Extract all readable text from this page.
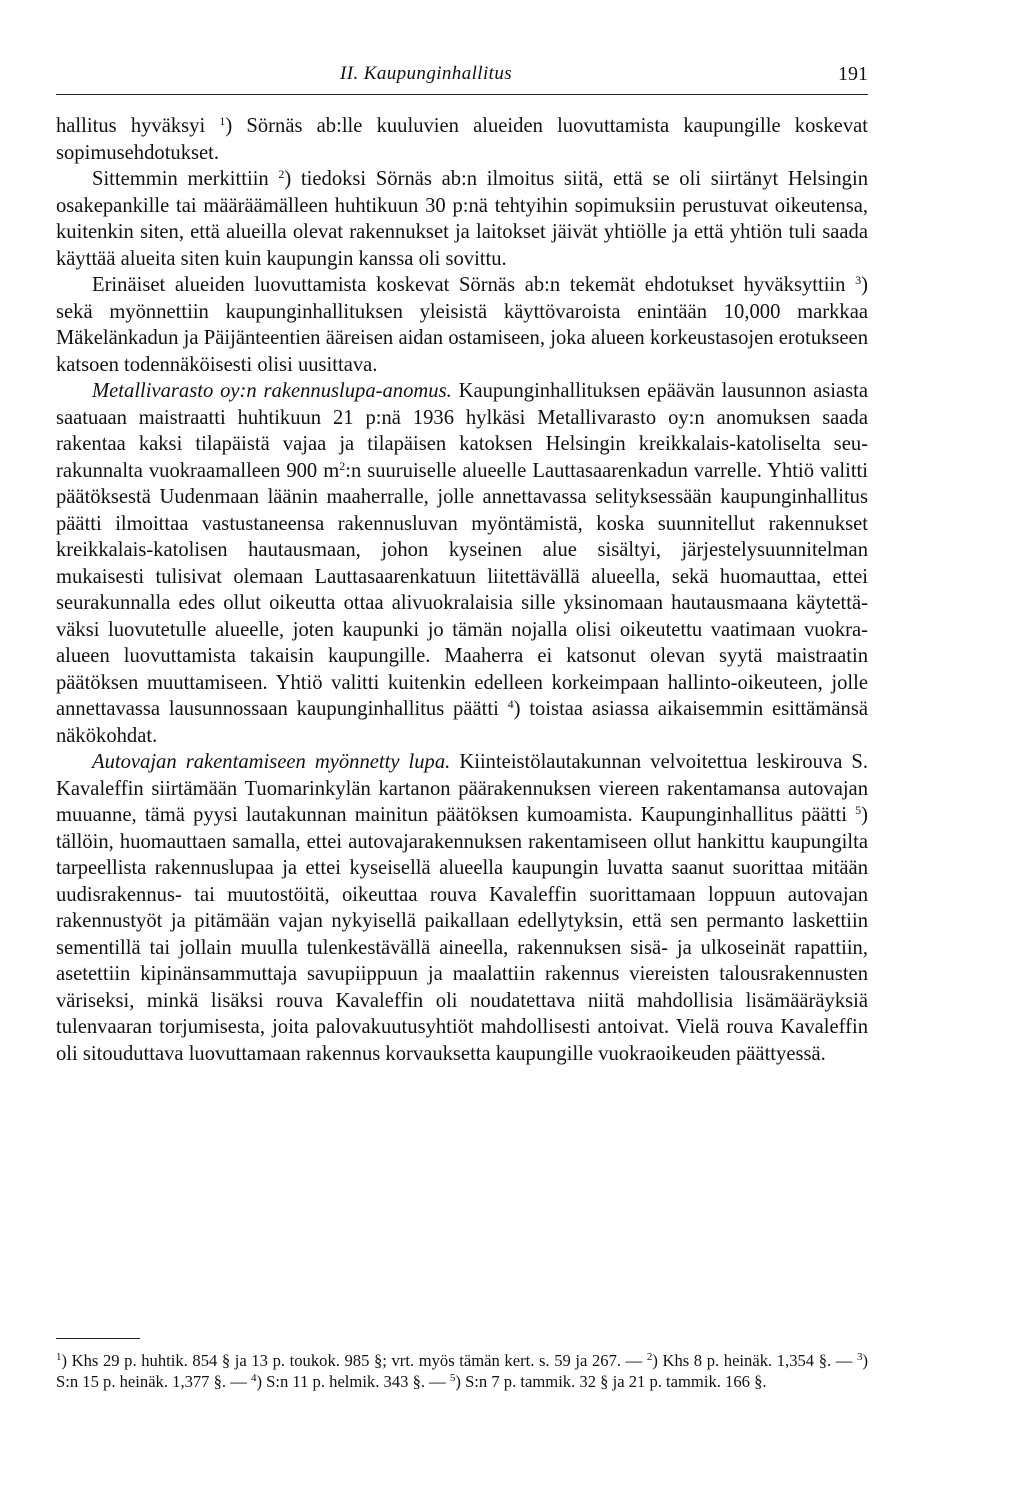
II. Kaupunginhallitus	191

hallitus hyväksyi $^1$) Sörnäs ab:lle kuuluvien alueiden luovuttamista kaupungille koskevat sopimusehdotukset.

Sittemmin merkittiin $^2$) tiedoksi Sörnäs ab:n ilmoitus siitä, että se oli siirtänyt Helsingin osakepankille tai määräämälleen huhtikuun 30 p:nä tehtyihin sopimuksiin perustuvat oikeutensa, kuitenkin siten, että alueilla olevat rakennukset ja laitokset jäivät yhtiölle ja että yhtiön tuli saada käyttää alueita siten kuin kaupungin kanssa oli sovittu.

Erinäiset alueiden luovuttamista koskevat Sörnäs ab:n tekemät ehdotukset hyväksyttiin $^3$) sekä myönnettiin kaupunginhallituksen yleisistä käyttövaroista enintään 10,000 markkaa Mäkelänkadun ja Päijänteentien ääreisen aidan ostamiseen, joka alueen korkeustasojen erotukseen katsoen todennäköisesti olisi uusittava.

Metallivarasto oy:n rakennuslupa-anomus. Kaupunginhallituksen epäävän lausunnon asiasta saatuaan maistraatti huhtikuun 21 p:nä 1936 hylkäsi Metallivarasto oy:n anomuksen saada rakentaa kaksi tilapäistä vajaa ja tilapäisen katoksen Helsingin kreikkalais-katoliselta seurakunnalta vuokraamalleen 900 $m^2:n$ suuruiselle alueelle Lauttasaarenkadun varrelle. Yhtiö valitti päätöksestä Uudenmaan läänin maaherralle, jolle annettavassa selityksessään kaupunginhallitus päätti ilmoittaa vastustaneensa rakennusluvan myöntämistä, koska suunnitellut rakennukset kreikkalais-katolisen hautausmaan, johon kyseinen alue sisältyi, järjestelysuunnitelman mukaisesti tulisivat olemaan Lauttasaarenkatuun liitettävällä alueella, sekä huomauttaa, ettei seurakunnalla edes ollut oikeutta ottaa alivuokralaisia sille yksinomaan hautausmaana käytettäväksi luovutetulle alueelle, joten kaupunki jo tämän nojalla olisi oikeutettu vaatimaan vuokra-alueen luovuttamista takaisin kaupungille. Maaherra ei katsonut olevan syytä maistraatin päätöksen muuttamiseen. Yhtiö valitti kuitenkin edelleen korkeimpaan hallinto-oikeuteen, jolle annettavassa lausunnossaan kaupunginhallitus päätti $^4$) toistaa asiassa aikaisemmin esittämänsä näkökohdat.

Autovajan rakentamiseen myönnetty lupa. Kiinteistölautakunnan velvoitettua leskirouva S. Kavaleffin siirtämään Tuomarinkylän kartanon päärakennuksen viereen rakentamansa autovajan muuanne, tämä pyysi lautakunnan mainitun päätöksen kumoamista. Kaupunginhallitus päätti $^5$) tällöin, huomauttaen samalla, ettei autovajarakennuksen rakentamiseen ollut hankittu kaupungilta tarpeellista rakennuslupaa ja ettei kyseisellä alueella kaupungin luvatta saanut suorittaa mitään uudisrakennus- tai muutostöitä, oikeuttaa rouva Kavaleffin suorittamaan loppuun autovajan rakennustyöt ja pitämään vajan nykyisellä paikallaan edellytyksin, että sen permanto laskettiin sementillä tai jollain muulla tulenkestävällä aineella, rakennuksen sisä- ja ulkoseinät rapattiin, asetettiin kipinänsammuttaja savupiippuun ja maalattiin rakennus viereisten talousrakennusten väriseksi, minkä lisäksi rouva Kavaleffin oli noudatettava niitä mahdollisia lisämääräyksiä tulenvaaran torjumisesta, joita palovakuutusyhtiöt mahdollisesti antoivat. Vielä rouva Kavaleffin oli sitouduttava luovuttamaan rakennus korvauksetta kaupungille vuokraoikeuden päättyessä.

$^1$) Khs 29 p. huhtik. 854 § ja 13 p. toukok. 985 §; vrt. myös tämän kert. s. 59 ja 267. — $^2$) Khs 8 p. heinäk. 1,354 §. — $^3$) S:n 15 p. heinäk. 1,377 §. — $^4$) S:n 11 p. helmik. 343 §. — $^5$) S:n 7 p. tammik. 32 § ja 21 p. tammik. 166 §.
